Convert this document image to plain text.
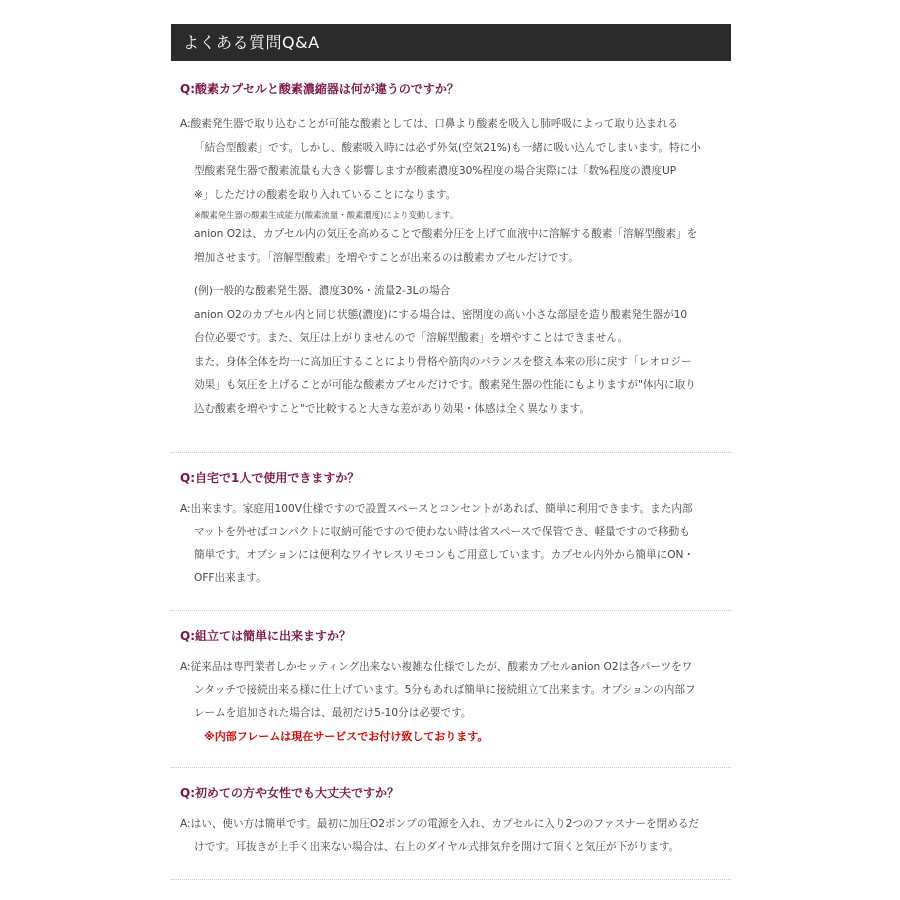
よくある質問Q&A

Q:酸素カプセルと酸素濃縮器は何が違うのですか？

A:酸素発生器で取り込むことが可能な酸素としては、口鼻より酸素を吸入し肺呼吸によって取り込まれる
「結合型酸素」です。しかし、酸素吸入時には必ず外気(空気21%)も一緒に吸い込んでしまいます。特に小
型酸素発生器で酸素流量も大きく影響しますが酸素濃度30%程度の場合実際には「数%程度の濃度UP
※」しただけの酸素を取り入れていることになります。
※酸素発生器の酸素生成能力(酸素流量・酸素濃度)により変動します。
anion O2は、カプセル内の気圧を高めることで酸素分圧を上げて血液中に溶解する酸素「溶解型酸素」を
増加させます。「溶解型酸素」を増やすことが出来るのは酸素カプセルだけです。
(例)一般的な酸素発生器、濃度30%・流量2-3Lの場合
anion O2のカプセル内と同じ状態(濃度)にする場合は、密閉度の高い小さな部屋を造り酸素発生器が10
台位必要です。また、気圧は上がりませんので「溶解型酸素」を増やすことはできません。
また、身体全体を均一に高加圧することにより骨格や筋肉のバランスを整え本来の形に戻す「レオロジー
効果」も気圧を上げることが可能な酸素カプセルだけです。酸素発生器の性能にもよりますが"体内に取り
込む酸素を増やすこと"で比較すると大きな差があり効果・体感は全く異なります。

Q:自宅で1人で使用できますか？

A:出来ます。家庭用100V仕様ですので設置スペースとコンセントがあれば、簡単に利用できます。また内部
マットを外せばコンパクトに収納可能ですので使わない時は省スペースで保管でき、軽量ですので移動も
簡単です。オプションには便利なワイヤレスリモコンもご用意しています。カプセル内外から簡単にON・
OFF出来ます。

Q:組立ては簡単に出来ますか？

A:従来品は専門業者しかセッティング出来ない複雑な仕様でしたが、酸素カプセルanion O2は各パーツをワ
ンタッチで接続出来る様に仕上げています。5分もあれば簡単に接続組立て出来ます。オプションの内部フ
レームを追加された場合は、最初だけ5-10分は必要です。
※内部フレームは現在サービスでお付け致しております。

Q:初めての方や女性でも大丈夫ですか？

A:はい、使い方は簡単です。最初に加圧O2ポンプの電源を入れ、カプセルに入り2つのファスナーを閉めるだ
けです。耳抜きが上手く出来ない場合は、右上のダイヤル式排気弁を開けて頂くと気圧が下がります。
